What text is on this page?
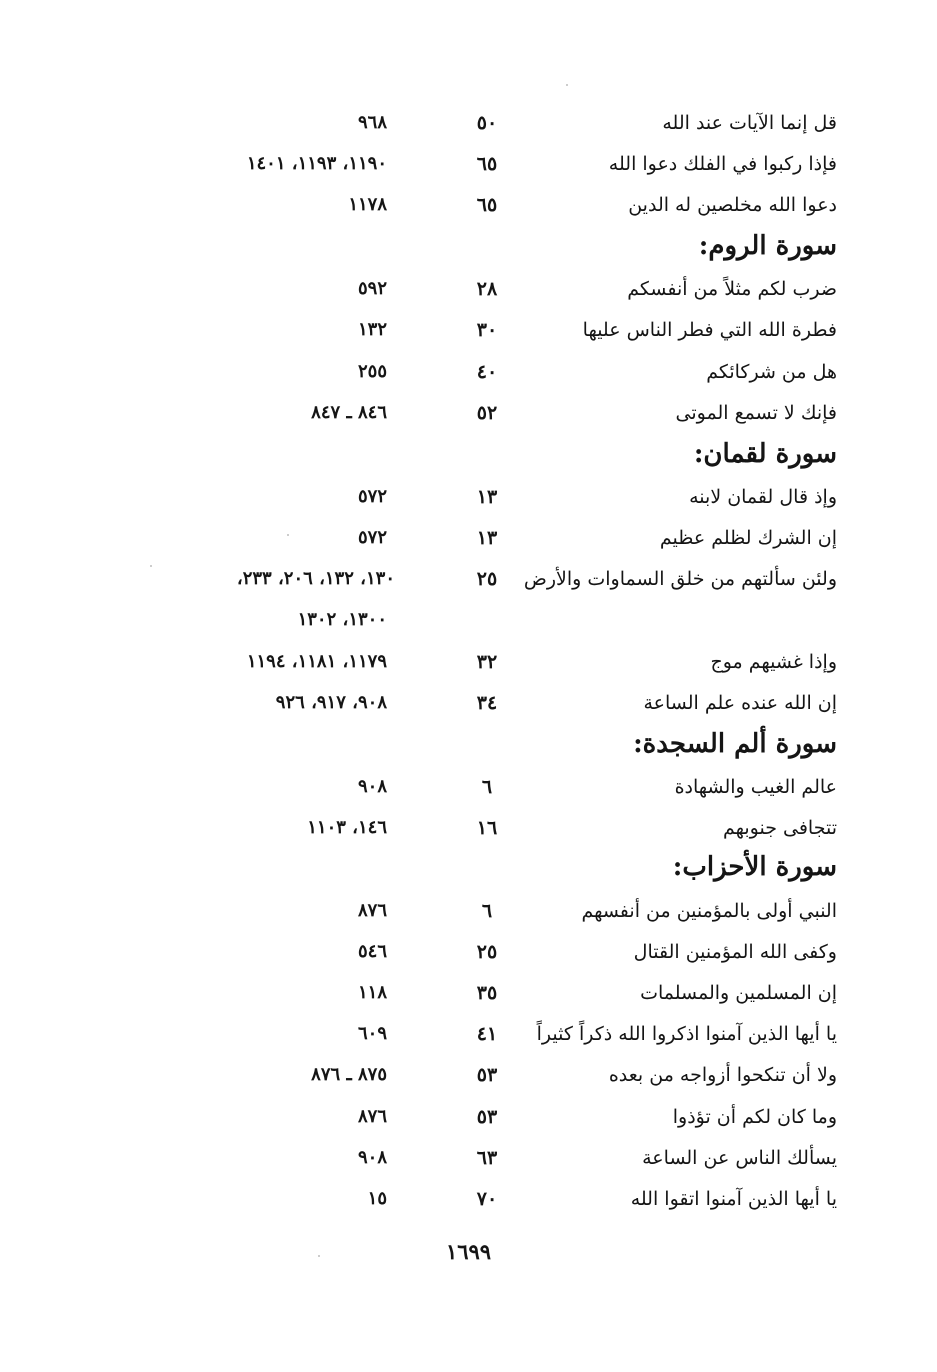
قل إنما الآيات عند الله
٥٠
٩٦٨
فإذا ركبوا في الفلك دعوا الله
٦٥
١١٩٠، ١١٩٣، ١٤٠١
دعوا الله مخلصين له الدين
٦٥
١١٧٨
سورة الروم:
ضرب لكم مثلاً من أنفسكم
٢٨
٥٩٢
فطرة الله التي فطر الناس عليها
٣٠
١٣٢
هل من شركائكم
٤٠
٢٥٥
فإنك لا تسمع الموتى
٥٢
٨٤٦ ـ ٨٤٧
سورة لقمان:
وإذ قال لقمان لابنه
١٣
٥٧٢
إن الشرك لظلم عظيم
١٣
٥٧٢
ولئن سألتهم من خلق السماوات والأرض
٢٥
١٣٠، ١٣٢، ٢٠٦، ٢٣٣،
١٣٠٠، ١٣٠٢
وإذا غشيهم موج
٣٢
١١٧٩، ١١٨١، ١١٩٤
إن الله عنده علم الساعة
٣٤
٩٠٨، ٩١٧، ٩٢٦
سورة ألم السجدة:
عالم الغيب والشهادة
٦
٩٠٨
تتجافى جنوبهم
١٦
١٤٦، ١١٠٣
سورة الأحزاب:
النبي أولى بالمؤمنين من أنفسهم
٦
٨٧٦
وكفى الله المؤمنين القتال
٢٥
٥٤٦
إن المسلمين والمسلمات
٣٥
١١٨
يا أيها الذين آمنوا اذكروا الله ذكراً كثيراً
٤١
٦٠٩
ولا أن تنكحوا أزواجه من بعده
٥٣
٨٧٥ ـ ٨٧٦
وما كان لكم أن تؤذوا
٥٣
٨٧٦
يسألك الناس عن الساعة
٦٣
٩٠٨
يا أيها الذين آمنوا اتقوا الله
٧٠
١٥
١٦٩٩
